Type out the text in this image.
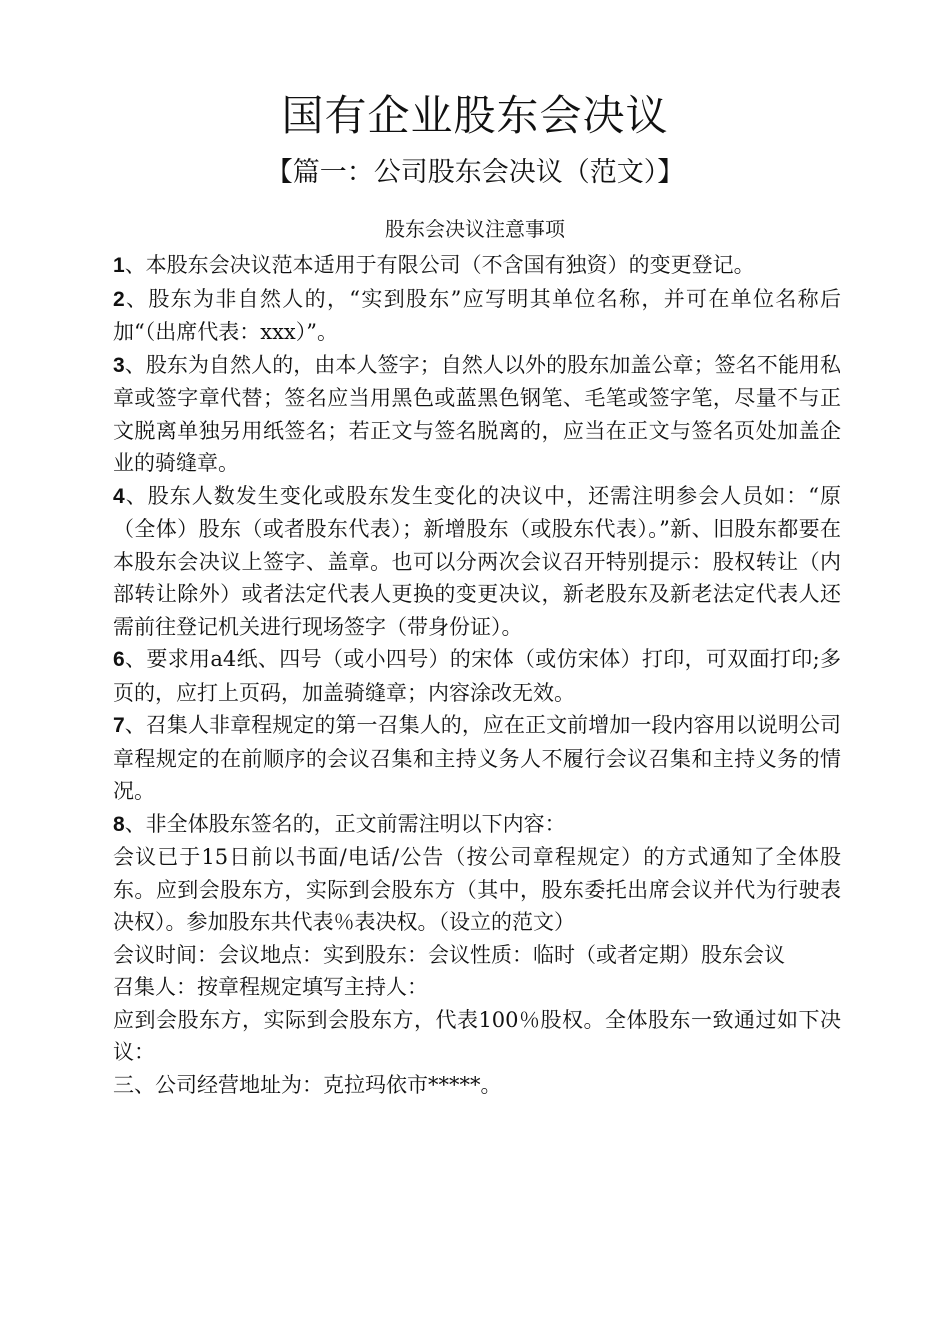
国有企业股东会决议
【篇一：公司股东会决议（范文）】
股东会决议注意事项

1、本股东会决议范本适用于有限公司（不含国有独资）的变更登记。

2、股东为非自然人的，“实到股东”应写明其单位名称，并可在单位名称后加“（出席代表：xxx）”。

3、股东为自然人的，由本人签字；自然人以外的股东加盖公章；签名不能用私章或签字章代替；签名应当用黑色或蓝黑色钢笔、毛笔或签字笔，尽量不与正文脱离单独另用纸签名；若正文与签名脱离的，应当在正文与签名页处加盖企业的骑缝章。

4、股东人数发生变化或股东发生变化的决议中，还需注明参会人员如：“原（全体）股东（或者股东代表）；新增股东（或股东代表）。”新、旧股东都要在本股东会决议上签字、盖章。也可以分两次会议召开特别提示：股权转让（内部转让除外）或者法定代表人更换的变更决议，新老股东及新老法定代表人还需前往登记机关进行现场签字（带身份证）。

6、要求用a4纸、四号（或小四号）的宋体（或仿宋体）打印，可双面打印;多页的，应打上页码，加盖骑缝章；内容涂改无效。

7、召集人非章程规定的第一召集人的，应在正文前增加一段内容用以说明公司章程规定的在前顺序的会议召集和主持义务人不履行会议召集和主持义务的情况。

8、非全体股东签名的，正文前需注明以下内容：

会议已于15日前以书面/电话/公告（按公司章程规定）的方式通知了全体股东。应到会股东方，实际到会股东方（其中，股东委托出席会议并代为行驶表决权）。参加股东共代表％表决权。（设立的范文）

会议时间：会议地点：实到股东：会议性质：临时（或者定期）股东会议

召集人：按章程规定填写主持人：

应到会股东方，实际到会股东方，代表100％股权。全体股东一致通过如下决议：

三、公司经营地址为：克拉玛依市*****。
